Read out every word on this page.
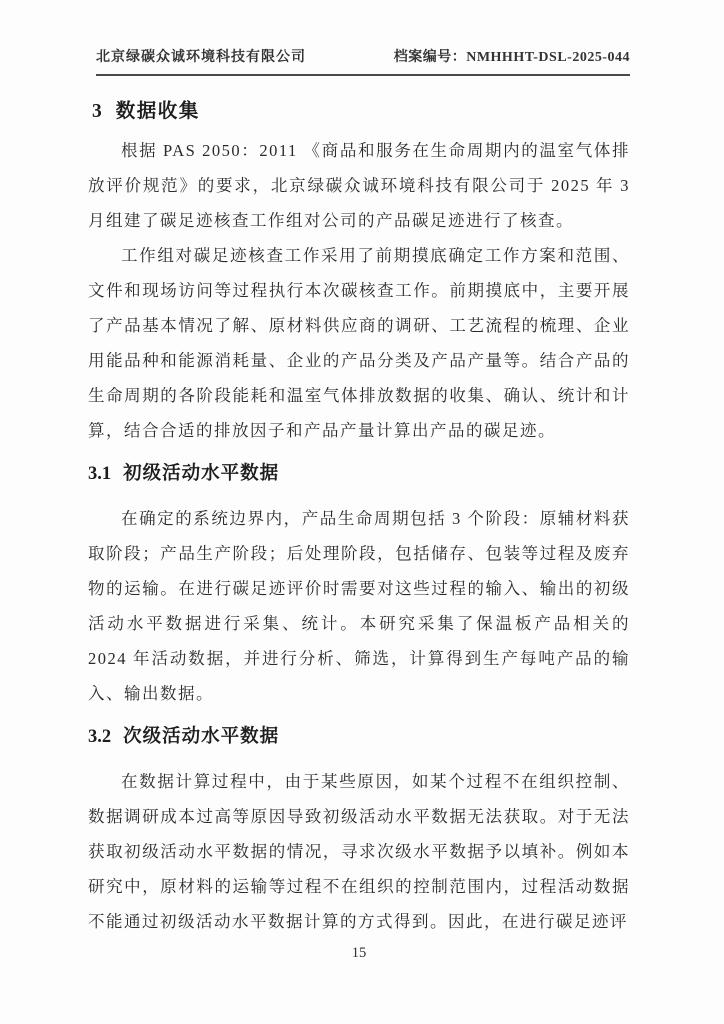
北京绿碳众诚环境科技有限公司	档案编号：NMHHHT-DSL-2025-044
3 数据收集

根据 PAS 2050：2011 《商品和服务在生命周期内的温室气体排放评价规范》的要求，北京绿碳众诚环境科技有限公司于 2025 年 3 月组建了碳足迹核查工作组对公司的产品碳足迹进行了核查。

工作组对碳足迹核查工作采用了前期摸底确定工作方案和范围、文件和现场访问等过程执行本次碳核查工作。前期摸底中，主要开展了产品基本情况了解、原材料供应商的调研、工艺流程的梳理、企业用能品种和能源消耗量、企业的产品分类及产品产量等。结合产品的生命周期的各阶段能耗和温室气体排放数据的收集、确认、统计和计算，结合合适的排放因子和产品产量计算出产品的碳足迹。

3.1 初级活动水平数据

在确定的系统边界内，产品生命周期包括 3 个阶段：原辅材料获取阶段；产品生产阶段；后处理阶段，包括储存、包装等过程及废弃物的运输。在进行碳足迹评价时需要对这些过程的输入、输出的初级活动水平数据进行采集、统计。本研究采集了保温板产品相关的 2024 年活动数据，并进行分析、筛选，计算得到生产每吨产品的输入、输出数据。

3.2 次级活动水平数据

在数据计算过程中，由于某些原因，如某个过程不在组织控制、数据调研成本过高等原因导致初级活动水平数据无法获取。对于无法获取初级活动水平数据的情况，寻求次级水平数据予以填补。例如本研究中，原材料的运输等过程不在组织的控制范围内，过程活动数据不能通过初级活动水平数据计算的方式得到。因此，在进行碳足迹评

15
